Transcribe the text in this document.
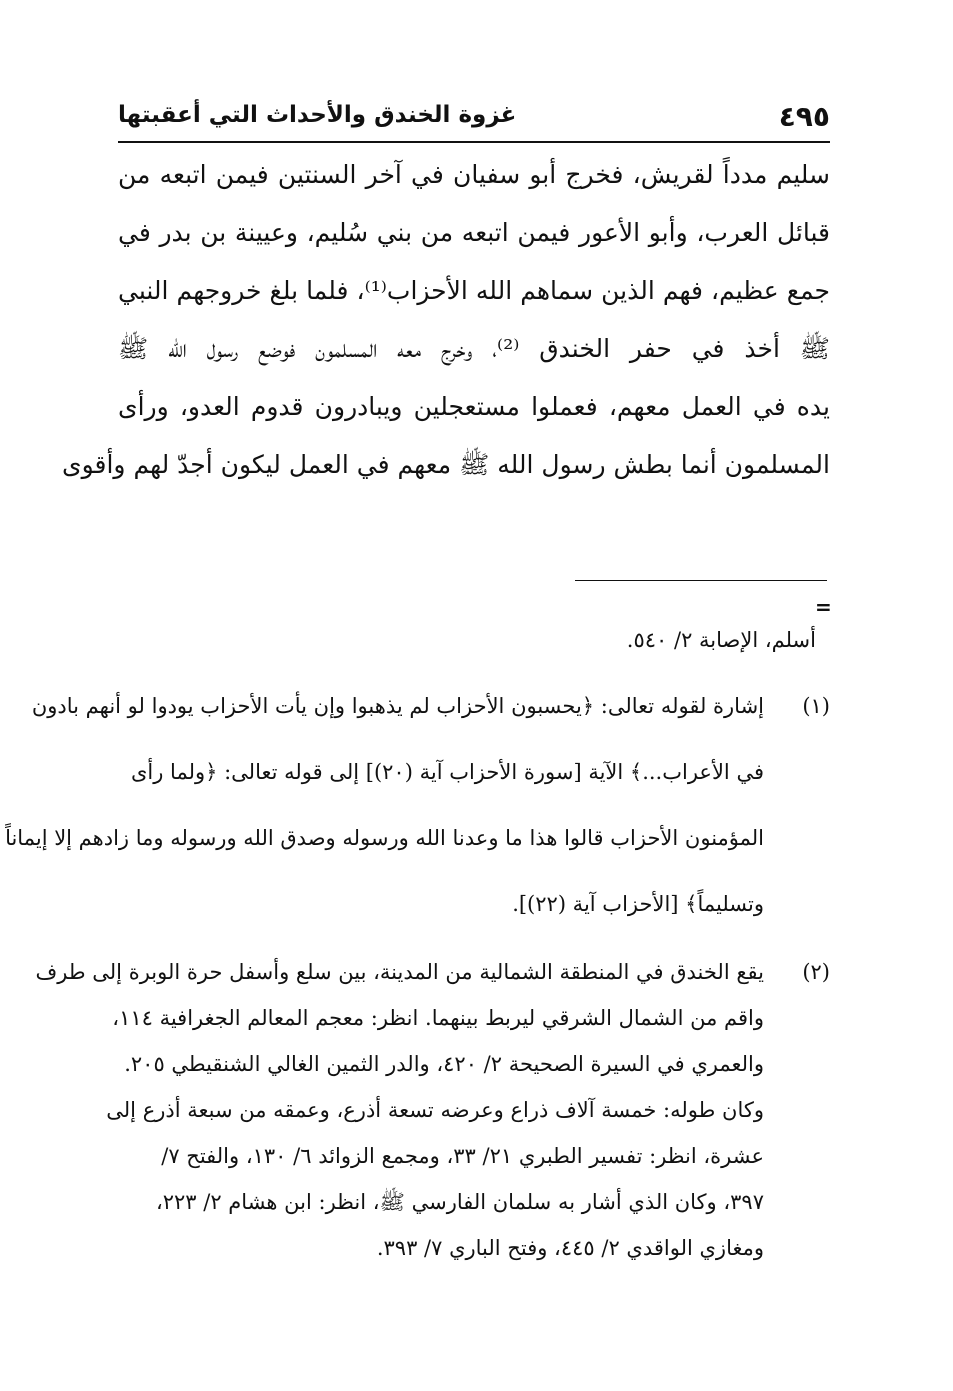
٤٩٥
غزوة الخندق والأحداث التي أعقبتها
سليم مدداً لقريش، فخرج أبو سفيان في آخر السنتين فيمن اتبعه من
قبائل العرب، وأبو الأعور فيمن اتبعه من بني سُليم، وعيينة بن بدر في
جمع عظيم، فهم الذين سماهم الله الأحزاب⁽¹⁾، فلما بلغ خروجهم النبي
ﷺ أخذ في حفر الخندق ⁽²⁾، وخرج معه المسلمون فوضع رسول الله ﷺ
يده في العمل معهم، فعملوا مستعجلين ويبادرون قدوم العدو، ورأى
المسلمون أنما بطش رسول الله ﷺ معهم في العمل ليكون أجدّ لهم وأقوى
=
أسلم، الإصابة ٢/ ٥٤٠.
(١)
إشارة لقوله تعالى: ﴿يحسبون الأحزاب لم يذهبوا وإن يأت الأحزاب يودوا لو أنهم بادون
في الأعراب...﴾ الآية [سورة الأحزاب آية (٢٠)] إلى قوله تعالى: ﴿ولما رأى
المؤمنون الأحزاب قالوا هذا ما وعدنا الله ورسوله وصدق الله ورسوله وما زادهم إلا إيماناً
وتسليماً﴾ [الأحزاب آية (٢٢)].
(٢)
يقع الخندق في المنطقة الشمالية من المدينة، بين سلع وأسفل حرة الوبرة إلى طرف
واقم من الشمال الشرقي ليربط بينهما. انظر: معجم المعالم الجغرافية ١١٤،
والعمري في السيرة الصحيحة ٢/ ٤٢٠، والدر الثمين الغالي الشنقيطي ٢٠٥.
وكان طوله: خمسة آلاف ذراع وعرضه تسعة أذرع، وعمقه من سبعة أذرع إلى
عشرة، انظر: تفسير الطبري ٢١/ ٣٣، ومجمع الزوائد ٦/ ١٣٠، والفتح ٧/
٣٩٧، وكان الذي أشار به سلمان الفارسي ﷺ، انظر: ابن هشام ٢/ ٢٢٣،
ومغازي الواقدي ٢/ ٤٤٥، وفتح الباري ٧/ ٣٩٣.
